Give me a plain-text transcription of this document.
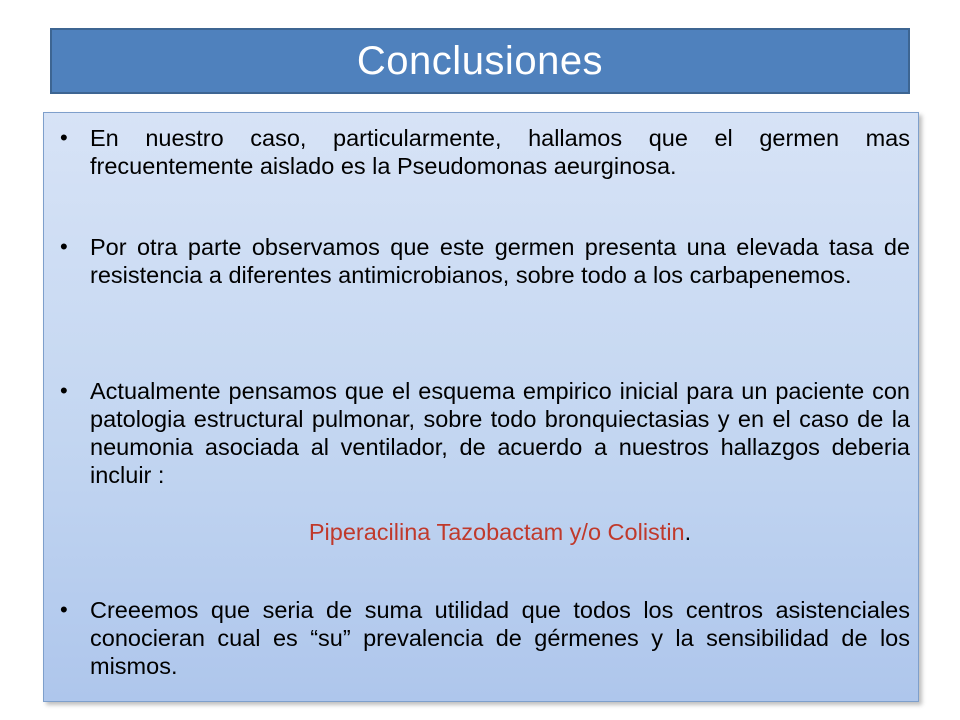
Conclusiones
• En nuestro caso, particularmente, hallamos que el germen mas frecuentemente aislado es la Pseudomonas aeurginosa.
• Por otra parte observamos que este germen presenta una elevada tasa de resistencia a diferentes antimicrobianos, sobre todo a los carbapenemos.
• Actualmente pensamos que el esquema empirico inicial para un paciente con patologia estructural pulmonar, sobre todo bronquiectasias y en el caso de la neumonia asociada al ventilador, de acuerdo a nuestros hallazgos deberia incluir :
Piperacilina Tazobactam y/o Colistin.
• Creeemos que seria de suma utilidad que todos los centros asistenciales conocieran cual es “su” prevalencia de gérmenes y la sensibilidad de los mismos.
